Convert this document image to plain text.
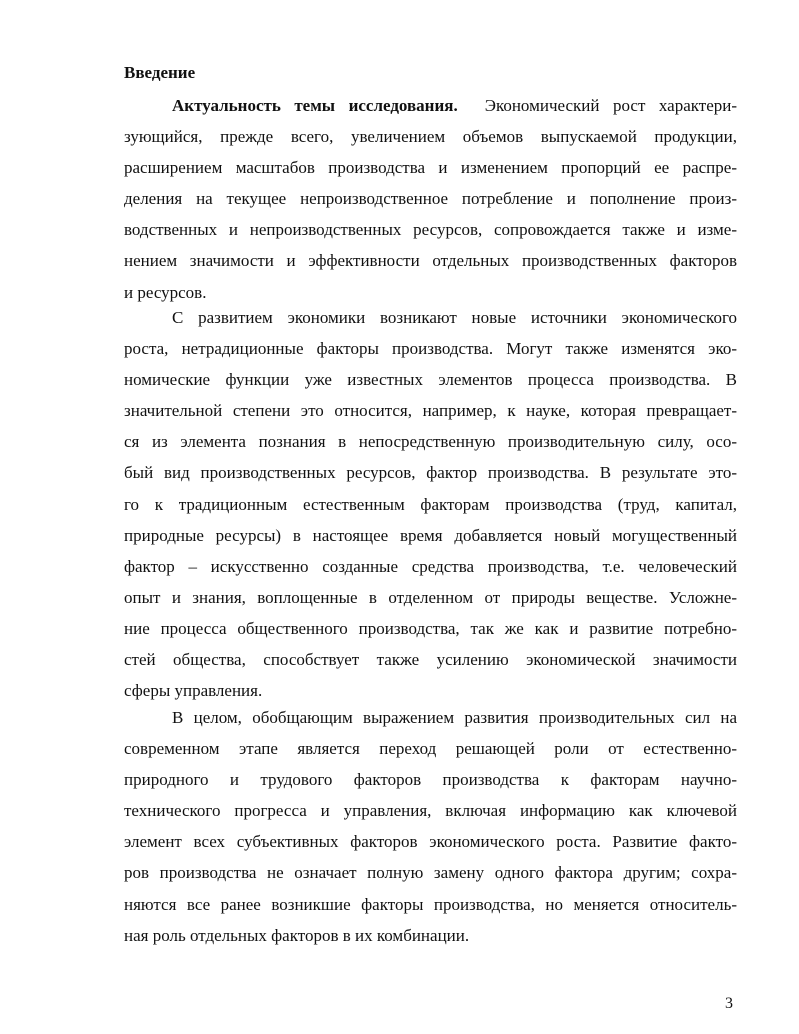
Введение
Актуальность темы исследования. Экономический рост характери-
зующийся, прежде всего, увеличением объемов выпускаемой продукции,
расширением масштабов производства и изменением пропорций ее распре-
деления на текущее непроизводственное потребление и пополнение произ-
водственных и непроизводственных ресурсов, сопровождается также и изме-
нением значимости и эффективности отдельных производственных факторов
и ресурсов.
С развитием экономики возникают новые источники экономического
роста, нетрадиционные факторы производства. Могут также изменятся эко-
номические функции уже известных элементов процесса производства. В
значительной степени это относится, например, к науке, которая превращает-
ся из элемента познания в непосредственную производительную силу, осо-
бый вид производственных ресурсов, фактор производства. В результате это-
го к традиционным естественным факторам производства (труд, капитал,
природные ресурсы) в настоящее время добавляется новый могущественный
фактор – искусственно созданные средства производства, т.е. человеческий
опыт и знания, воплощенные в отделенном от природы веществе. Усложне-
ние процесса общественного производства, так же как и развитие потребно-
стей общества, способствует также усилению экономической значимости
сферы управления.
В целом, обобщающим выражением развития производительных сил на
современном этапе является переход решающей роли от естественно-
природного и трудового факторов производства к факторам научно-
технического прогресса и управления, включая информацию как ключевой
элемент всех субъективных факторов экономического роста. Развитие факто-
ров производства не означает полную замену одного фактора другим; сохра-
няются все ранее возникшие факторы производства, но меняется относитель-
ная роль отдельных факторов в их комбинации.
3
